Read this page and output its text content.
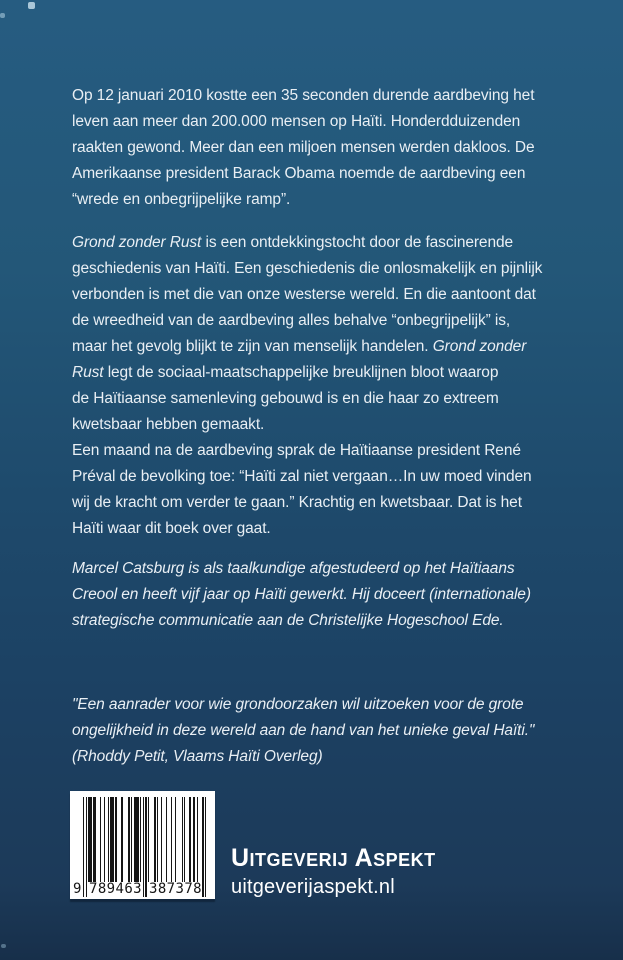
Op 12 januari 2010 kostte een 35 seconden durende aardbeving het
leven aan meer dan 200.000 mensen op Haïti. Honderdduizenden
raakten gewond. Meer dan een miljoen mensen werden dakloos. De
Amerikaanse president Barack Obama noemde de aardbeving een
“wrede en onbegrijpelijke ramp”.
Grond zonder Rust is een ontdekkingstocht door de fascinerende
geschiedenis van Haïti. Een geschiedenis die onlosmakelijk en pijnlijk
verbonden is met die van onze westerse wereld. En die aantoont dat
de wreedheid van de aardbeving alles behalve “onbegrijpelijk” is,
maar het gevolg blijkt te zijn van menselijk handelen. Grond zonder
Rust legt de sociaal-maatschappelijke breuklijnen bloot waarop
de Haïtiaanse samenleving gebouwd is en die haar zo extreem
kwetsbaar hebben gemaakt.
Een maand na de aardbeving sprak de Haïtiaanse president René
Préval de bevolking toe: “Haïti zal niet vergaan…In uw moed vinden
wij de kracht om verder te gaan.” Krachtig en kwetsbaar. Dat is het
Haïti waar dit boek over gaat.
Marcel Catsburg is als taalkundige afgestudeerd op het Haïtiaans
Creool en heeft vijf jaar op Haïti gewerkt. Hij doceert (internationale)
strategische communicatie aan de Christelijke Hogeschool Ede.
"Een aanrader voor wie grondoorzaken wil uitzoeken voor de grote
ongelijkheid in deze wereld aan de hand van het unieke geval Haïti."
(Rhoddy Petit, Vlaams Haïti Overleg)
9 789463 387378
Uitgeverij Aspekt
uitgeverijaspekt.nl
